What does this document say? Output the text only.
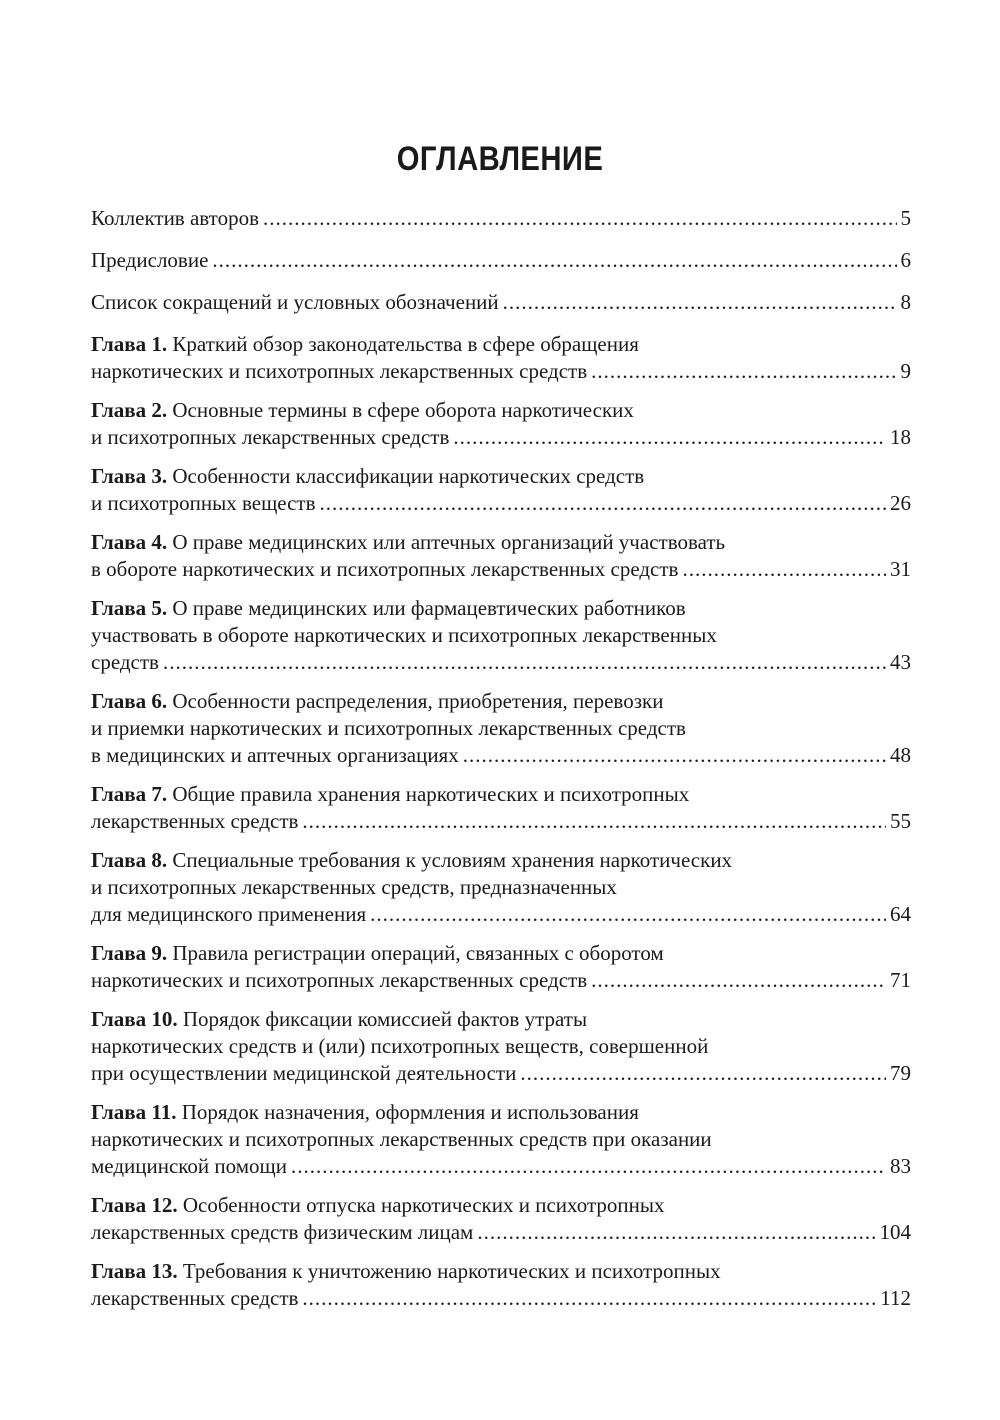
ОГЛАВЛЕНИЕ
Коллектив авторов .....	5
Предисловие .....	6
Список сокращений и условных обозначений .....	8
Глава 1. Краткий обзор законодательства в сфере обращения
наркотических и психотропных лекарственных средств .....	9
Глава 2. Основные термины в сфере оборота наркотических
и психотропных лекарственных средств .....	18
Глава 3. Особенности классификации наркотических средств
и психотропных веществ .....	26
Глава 4. О праве медицинских или аптечных организаций участвовать
в обороте наркотических и психотропных лекарственных средств .....	31
Глава 5. О праве медицинских или фармацевтических работников
участвовать в обороте наркотических и психотропных лекарственных
средств .....	43
Глава 6. Особенности распределения, приобретения, перевозки
и приемки наркотических и психотропных лекарственных средств
в медицинских и аптечных организациях .....	48
Глава 7. Общие правила хранения наркотических и психотропных
лекарственных средств .....	55
Глава 8. Специальные требования к условиям хранения наркотических
и психотропных лекарственных средств, предназначенных
для медицинского применения .....	64
Глава 9. Правила регистрации операций, связанных с оборотом
наркотических и психотропных лекарственных средств .....	71
Глава 10. Порядок фиксации комиссией фактов утраты
наркотических средств и (или) психотропных веществ, совершенной
при осуществлении медицинской деятельности .....	79
Глава 11. Порядок назначения, оформления и использования
наркотических и психотропных лекарственных средств при оказании
медицинской помощи .....	83
Глава 12. Особенности отпуска наркотических и психотропных
лекарственных средств физическим лицам .....	104
Глава 13. Требования к уничтожению наркотических и психотропных
лекарственных средств .....	112
